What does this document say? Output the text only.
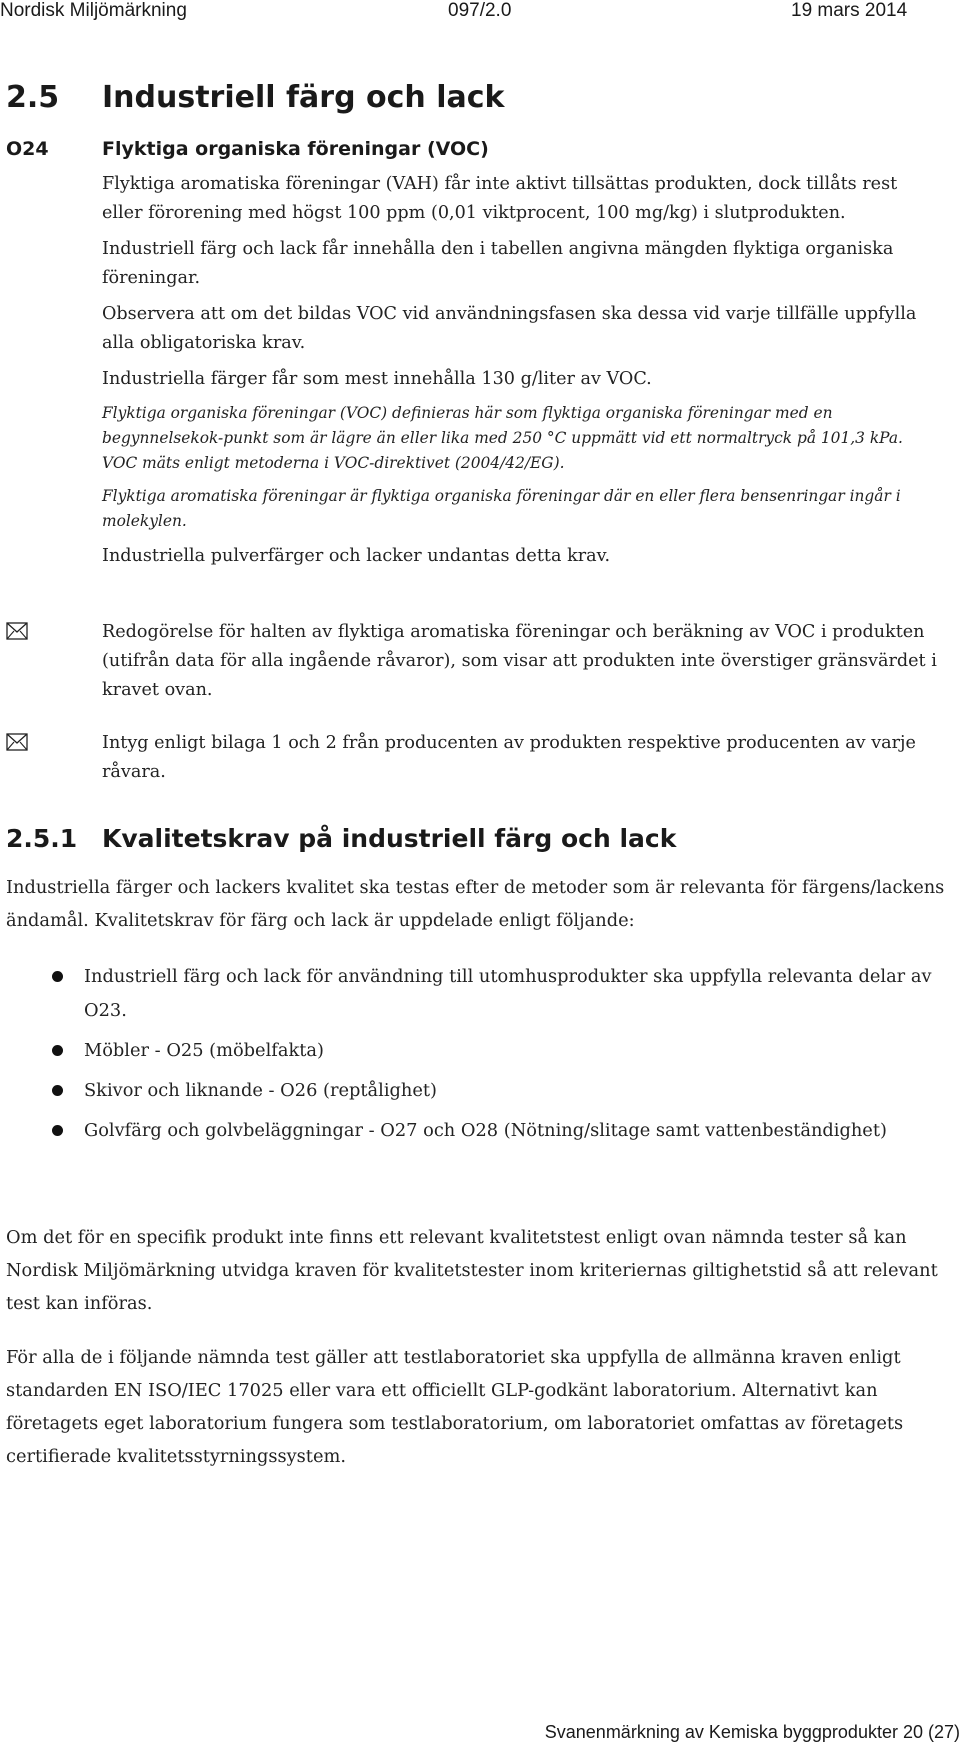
Nordisk Miljömärkning	097/2.0	19 mars 2014
2.5 Industriell färg och lack
O24	Flyktiga organiska föreningar (VOC)

Flyktiga aromatiska föreningar (VAH) får inte aktivt tillsättas produkten, dock tillåts rest eller förorening med högst 100 ppm (0,01 viktprocent, 100 mg/kg) i slutprodukten.

Industriell färg och lack får innehålla den i tabellen angivna mängden flyktiga organiska föreningar.

Observera att om det bildas VOC vid användningsfasen ska dessa vid varje tillfälle uppfylla alla obligatoriska krav.

Industriella färger får som mest innehålla 130 g/liter av VOC.

Flyktiga organiska föreningar (VOC) definieras här som flyktiga organiska föreningar med en begynnelsekok-punkt som är lägre än eller lika med 250 °C uppmätt vid ett normaltryck på 101,3 kPa. VOC mäts enligt metoderna i VOC-direktivet (2004/42/EG).

Flyktiga aromatiska föreningar är flyktiga organiska föreningar där en eller flera bensenringar ingår i molekylen.

Industriella pulverfärger och lacker undantas detta krav.

Redogörelse för halten av flyktiga aromatiska föreningar och beräkning av VOC i produkten (utifrån data för alla ingående råvaror), som visar att produkten inte överstiger gränsvärdet i kravet ovan.
Intyg enligt bilaga 1 och 2 från producenten av produkten respektive producenten av varje råvara.
2.5.1 Kvalitetskrav på industriell färg och lack

Industriella färger och lackers kvalitet ska testas efter de metoder som är relevanta för färgens/lackens ändamål. Kvalitetskrav för färg och lack är uppdelade enligt följande:

Industriell färg och lack för användning till utomhusprodukter ska uppfylla relevanta delar av O23.
Möbler - O25 (möbelfakta)
Skivor och liknande - O26 (reptålighet)
Golvfärg och golvbeläggningar - O27 och O28 (Nötning/slitage samt vattenbeständighet)

Om det för en specifik produkt inte finns ett relevant kvalitetstest enligt ovan nämnda tester så kan Nordisk Miljömärkning utvidga kraven för kvalitetstester inom kriteriernas giltighetstid så att relevant test kan införas.

För alla de i följande nämnda test gäller att testlaboratoriet ska uppfylla de allmänna kraven enligt standarden EN ISO/IEC 17025 eller vara ett officiellt GLP-godkänt laboratorium. Alternativt kan företagets eget laboratorium fungera som testlaboratorium, om laboratoriet omfattas av företagets certifierade kvalitetsstyrningssystem.

Svanenmärkning av Kemiska byggprodukter 20 (27)
